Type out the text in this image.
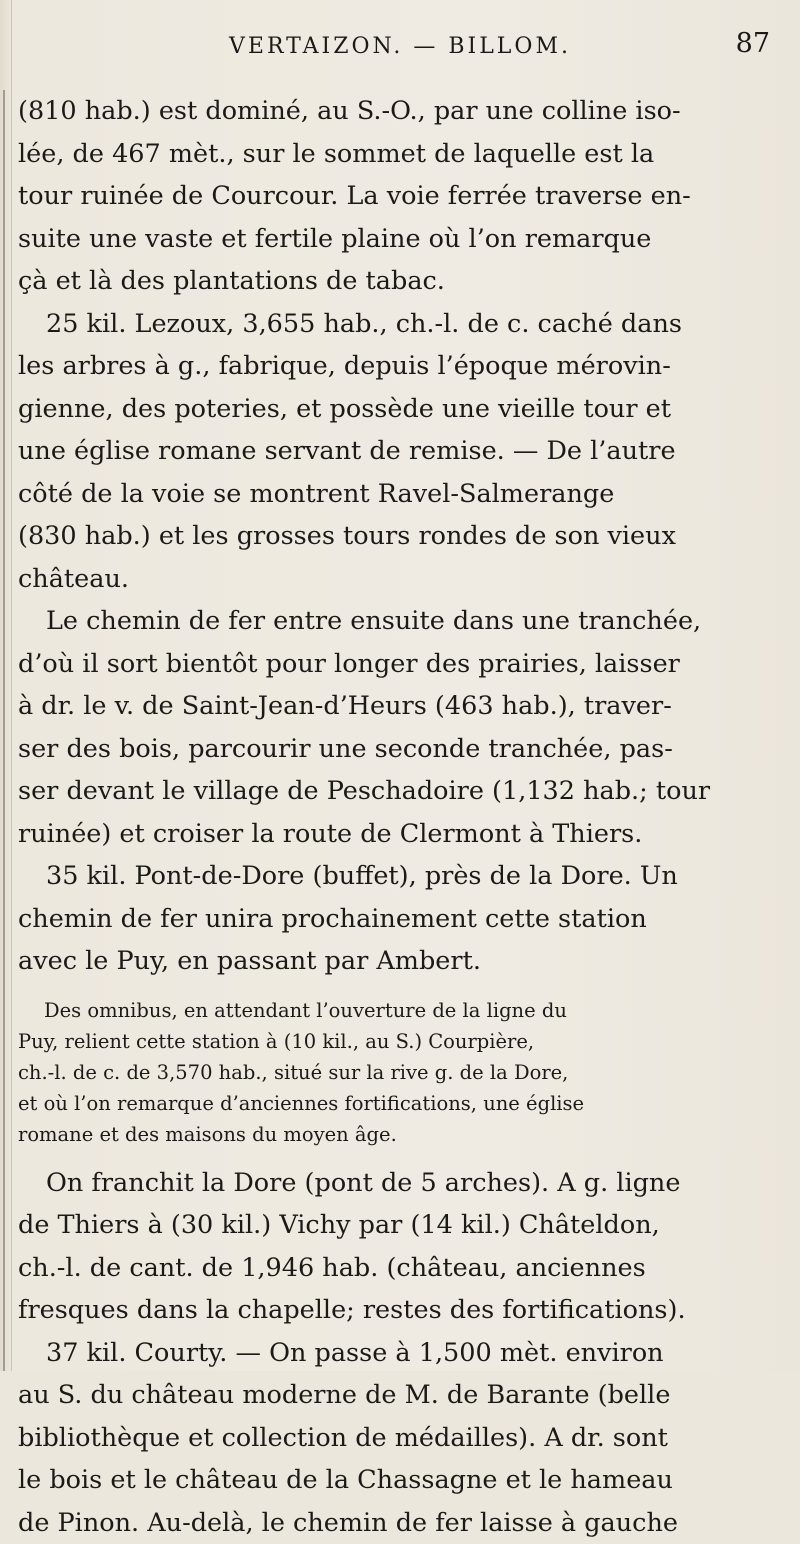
VERTAIZON. — BILLOM.	87
(810 hab.) est dominé, au S.-O., par une colline iso-
lée, de 467 mèt., sur le sommet de laquelle est la
tour ruinée de Courcour. La voie ferrée traverse en-
suite une vaste et fertile plaine où l’on remarque
çà et là des plantations de tabac.
25 kil. Lezoux, 3,655 hab., ch.-l. de c. caché dans
les arbres à g., fabrique, depuis l’époque mérovin-
gienne, des poteries, et possède une vieille tour et
une église romane servant de remise. — De l’autre
côté de la voie se montrent Ravel-Salmerange
(830 hab.) et les grosses tours rondes de son vieux
château.
Le chemin de fer entre ensuite dans une tranchée,
d’où il sort bientôt pour longer des prairies, laisser
à dr. le v. de Saint-Jean-d’Heurs (463 hab.), traver-
ser des bois, parcourir une seconde tranchée, pas-
ser devant le village de Peschadoire (1,132 hab.; tour
ruinée) et croiser la route de Clermont à Thiers.
35 kil. Pont-de-Dore (buffet), près de la Dore. Un
chemin de fer unira prochainement cette station
avec le Puy, en passant par Ambert.
Des omnibus, en attendant l’ouverture de la ligne du
Puy, relient cette station à (10 kil., au S.) Courpière,
ch.-l. de c. de 3,570 hab., situé sur la rive g. de la Dore,
et où l’on remarque d’anciennes fortifications, une église
romane et des maisons du moyen âge.
On franchit la Dore (pont de 5 arches). A g. ligne
de Thiers à (30 kil.) Vichy par (14 kil.) Châteldon,
ch.-l. de cant. de 1,946 hab. (château, anciennes
fresques dans la chapelle; restes des fortifications).
37 kil. Courty. — On passe à 1,500 mèt. environ
au S. du château moderne de M. de Barante (belle
bibliothèque et collection de médailles). A dr. sont
le bois et le château de la Chassagne et le hameau
de Pinon. Au-delà, le chemin de fer laisse à gauche
